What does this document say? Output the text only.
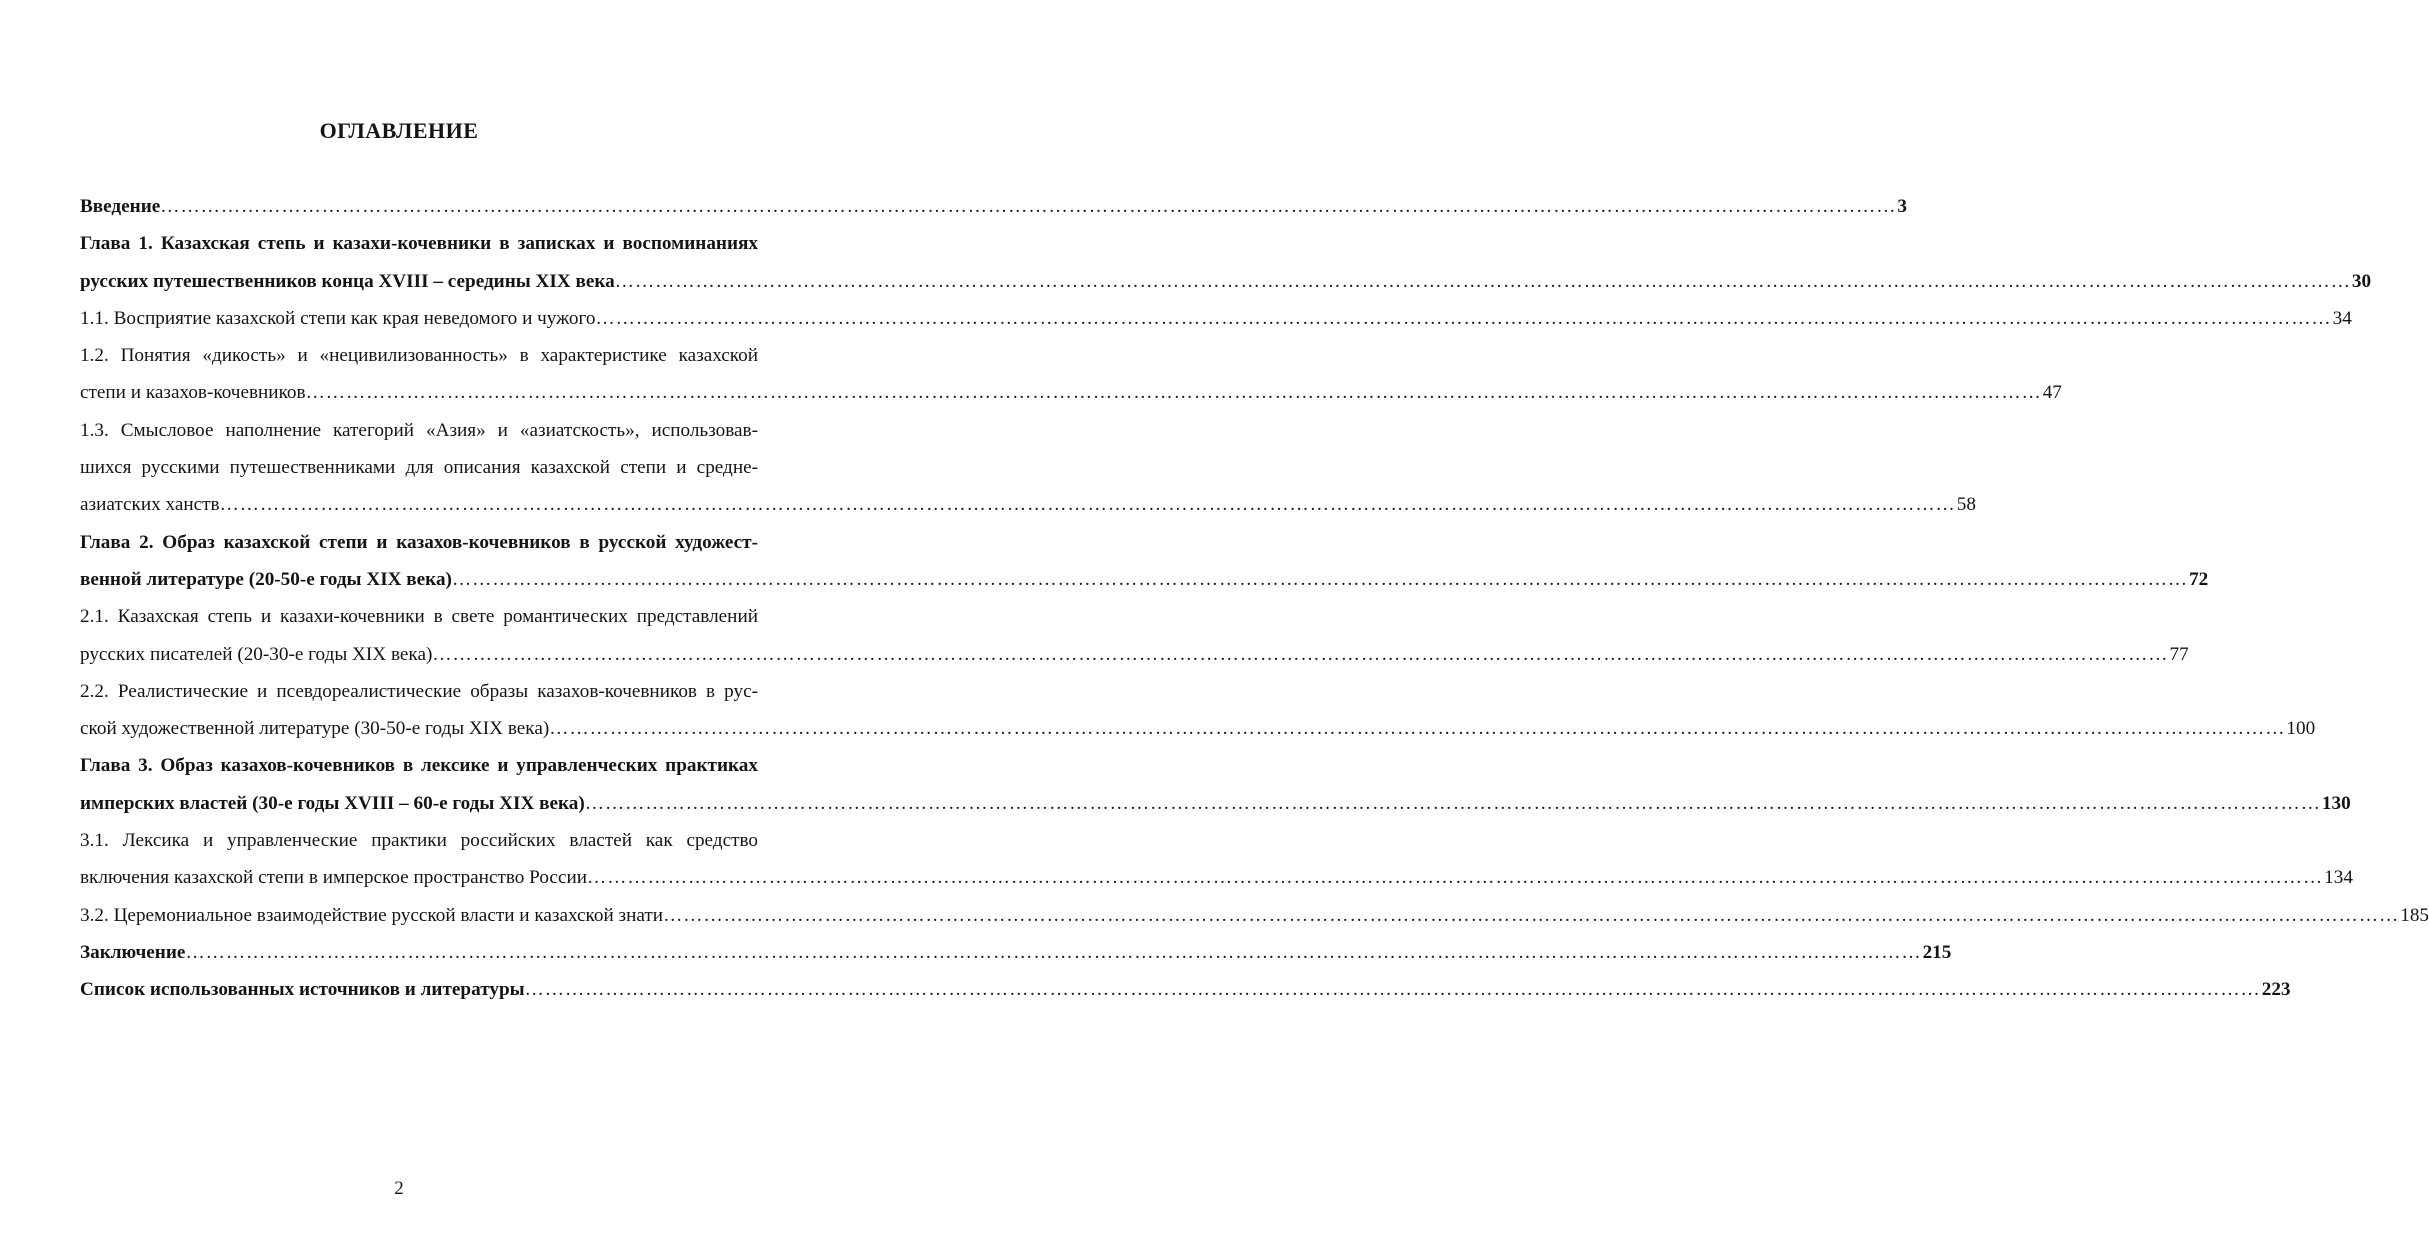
ОГЛАВЛЕНИЕ
Введение …………………………………………………………………………………………………………………………………………………………………………………………………………………………………… 3
Глава 1. Казахская степь и казахи-кочевники в записках и воспоминаниях
русских путешественников конца XVIII – середины XIX века …………………………………………………………………………………………………………………………………………………………………………………………………………………………………… 30
1.1. Восприятие казахской степи как края неведомого и чужого …………………………………………………………………………………………………………………………………………………………………………………………………………………………………… 34
1.2. Понятия «дикость» и «нецивилизованность» в характеристике казахской
степи и казахов-кочевников …………………………………………………………………………………………………………………………………………………………………………………………………………………………………… 47
1.3. Смысловое наполнение категорий «Азия» и «азиатскость», использовав-
шихся русскими путешественниками для описания казахской степи и средне-
азиатских ханств …………………………………………………………………………………………………………………………………………………………………………………………………………………………………… 58
Глава 2. Образ казахской степи и казахов-кочевников в русской художест-
венной литературе (20-50-е годы XIX века) …………………………………………………………………………………………………………………………………………………………………………………………………………………………………… 72
2.1. Казахская степь и казахи-кочевники в свете романтических представлений
русских писателей (20-30-е годы XIX века) …………………………………………………………………………………………………………………………………………………………………………………………………………………………………… 77
2.2. Реалистические и псевдореалистические образы казахов-кочевников в рус-
ской художественной литературе (30-50-е годы XIX века) …………………………………………………………………………………………………………………………………………………………………………………………………………………………………… 100
Глава 3. Образ казахов-кочевников в лексике и управленческих практиках
имперских властей (30-е годы XVIII – 60-е годы XIX века) …………………………………………………………………………………………………………………………………………………………………………………………………………………………………… 130
3.1. Лексика и управленческие практики российских властей как средство
включения казахской степи в имперское пространство России …………………………………………………………………………………………………………………………………………………………………………………………………………………………………… 134
3.2. Церемониальное взаимодействие русской власти и казахской знати …………………………………………………………………………………………………………………………………………………………………………………………………………………………………… 185
Заключение …………………………………………………………………………………………………………………………………………………………………………………………………………………………………… 215
Список использованных источников и литературы …………………………………………………………………………………………………………………………………………………………………………………………………………………………………… 223
2
